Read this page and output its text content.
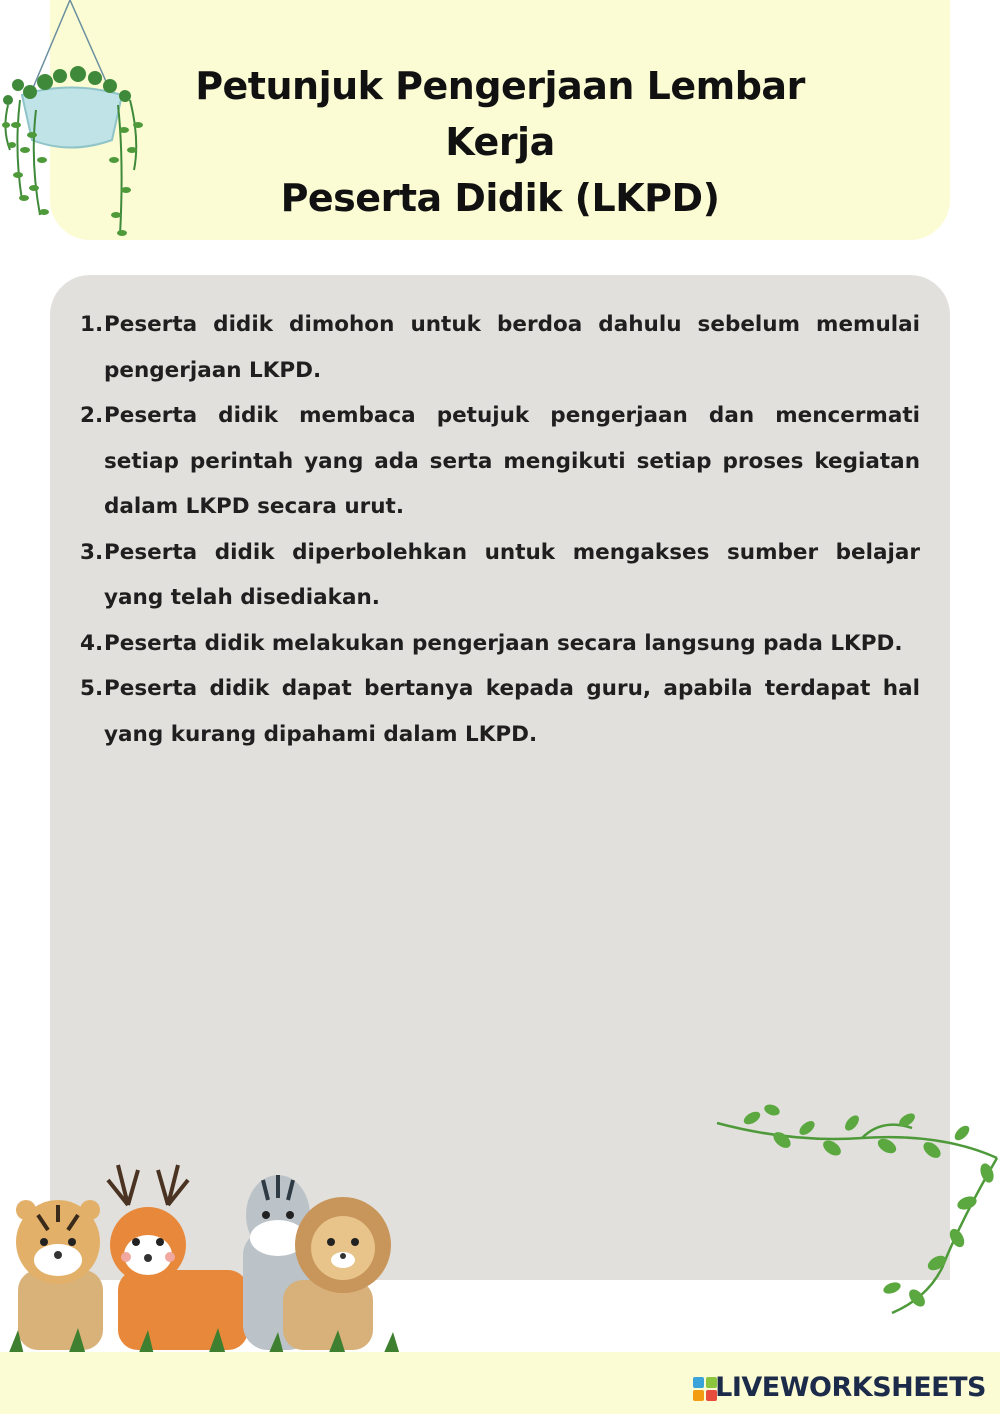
Petunjuk Pengerjaan Lembar Kerja
Peserta Didik (LKPD)
1. Peserta didik dimohon untuk berdoa dahulu sebelum memulai pengerjaan LKPD.
2. Peserta didik membaca petujuk pengerjaan dan mencermati setiap perintah yang ada serta mengikuti setiap proses kegiatan dalam LKPD secara urut.
3. Peserta didik diperbolehkan untuk mengakses sumber belajar yang telah disediakan.
4. Peserta didik melakukan pengerjaan secara langsung pada LKPD.
5. Peserta didik dapat bertanya kepada guru, apabila terdapat hal yang kurang dipahami dalam LKPD.
LIVEWORKSHEETS
